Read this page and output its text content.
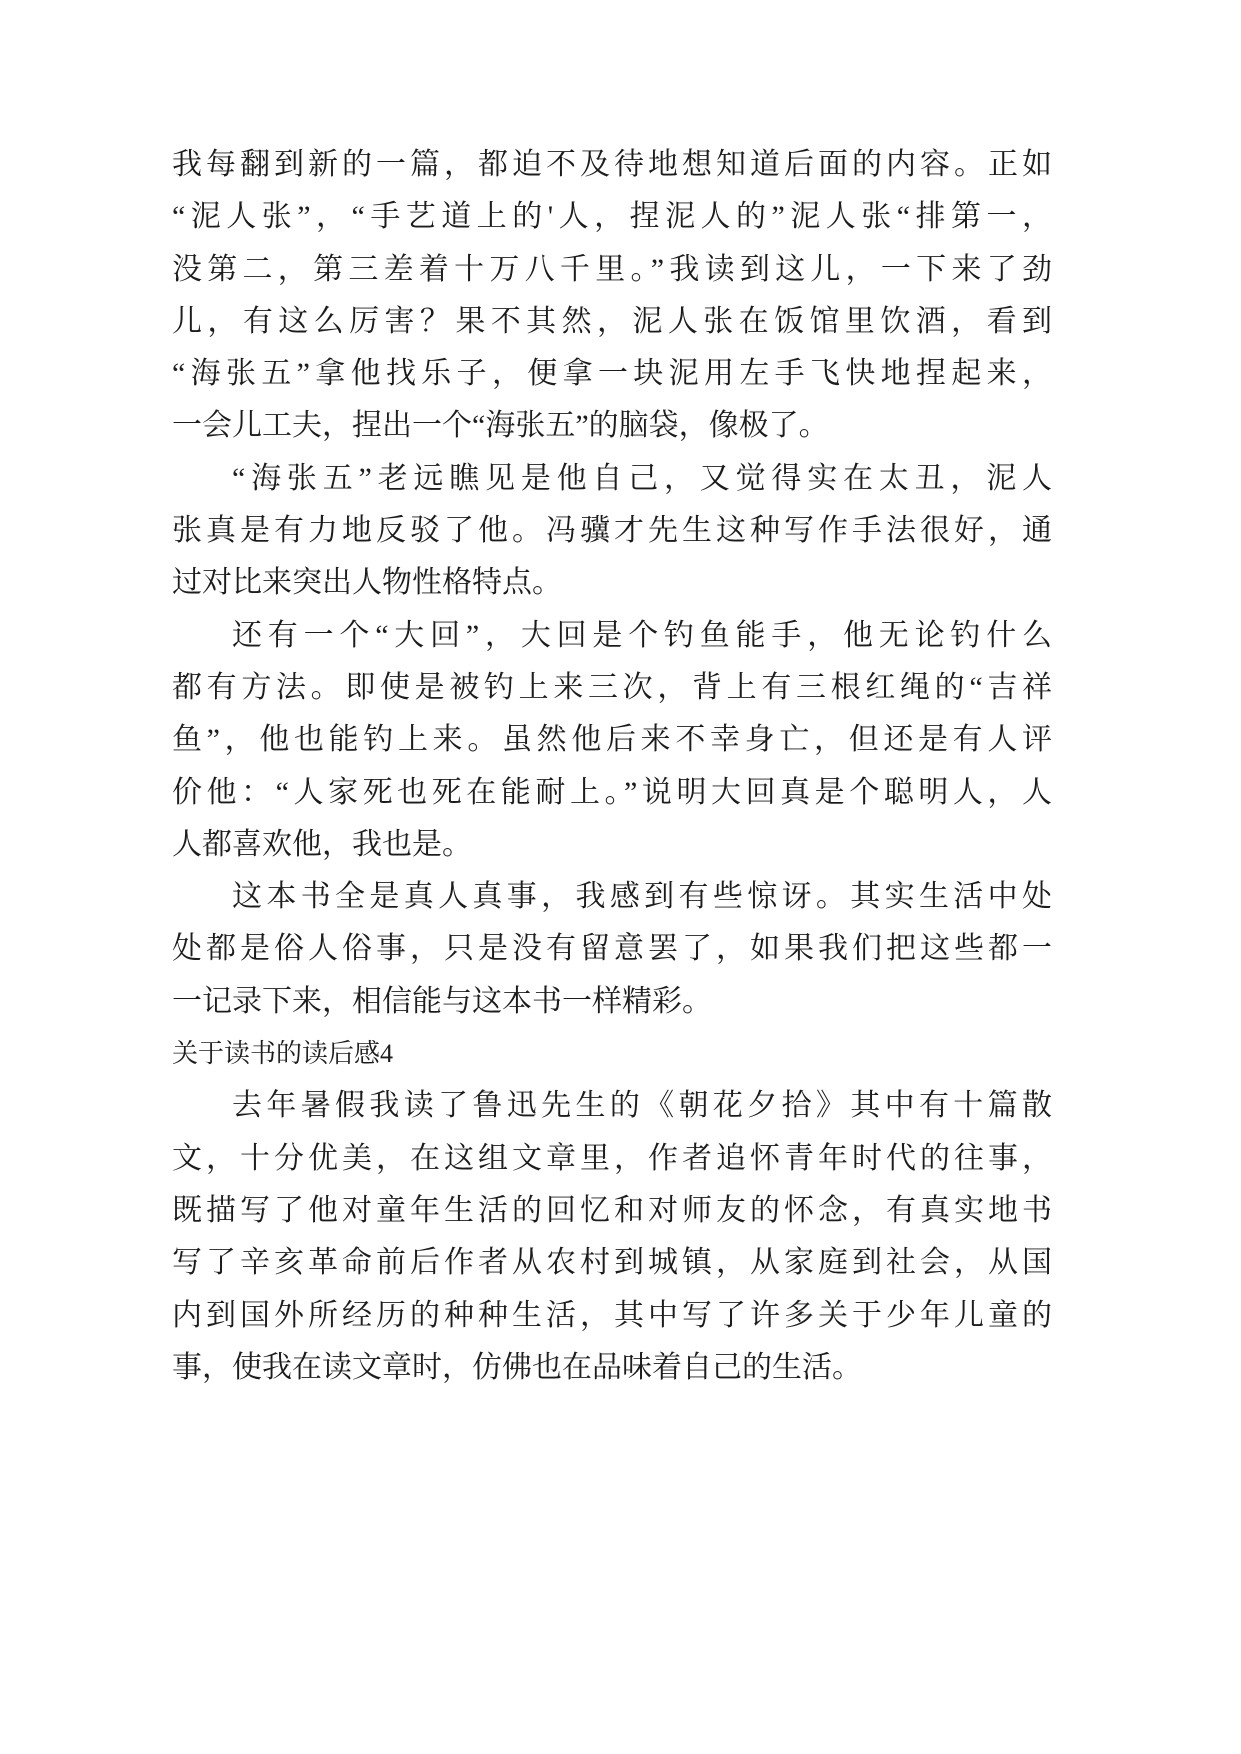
我每翻到新的一篇，都迫不及待地想知道后面的内容。正如
“泥人张”，“手艺道上的'人，捏泥人的”泥人张“排第一，
没第二，第三差着十万八千里。”我读到这儿，一下来了劲
儿，有这么厉害？果不其然，泥人张在饭馆里饮酒，看到
“海张五”拿他找乐子，便拿一块泥用左手飞快地捏起来，
一会儿工夫，捏出一个“海张五”的脑袋，像极了。
“海张五”老远瞧见是他自己，又觉得实在太丑，泥人
张真是有力地反驳了他。冯骥才先生这种写作手法很好，通
过对比来突出人物性格特点。
还有一个“大回”，大回是个钓鱼能手，他无论钓什么
都有方法。即使是被钓上来三次，背上有三根红绳的“吉祥
鱼”，他也能钓上来。虽然他后来不幸身亡，但还是有人评
价他：“人家死也死在能耐上。”说明大回真是个聪明人，人
人都喜欢他，我也是。
这本书全是真人真事，我感到有些惊讶。其实生活中处
处都是俗人俗事，只是没有留意罢了，如果我们把这些都一
一记录下来，相信能与这本书一样精彩。
关于读书的读后感4
去年暑假我读了鲁迅先生的《朝花夕拾》其中有十篇散
文，十分优美，在这组文章里，作者追怀青年时代的往事，
既描写了他对童年生活的回忆和对师友的怀念，有真实地书
写了辛亥革命前后作者从农村到城镇，从家庭到社会，从国
内到国外所经历的种种生活，其中写了许多关于少年儿童的
事，使我在读文章时，仿佛也在品味着自己的生活。
